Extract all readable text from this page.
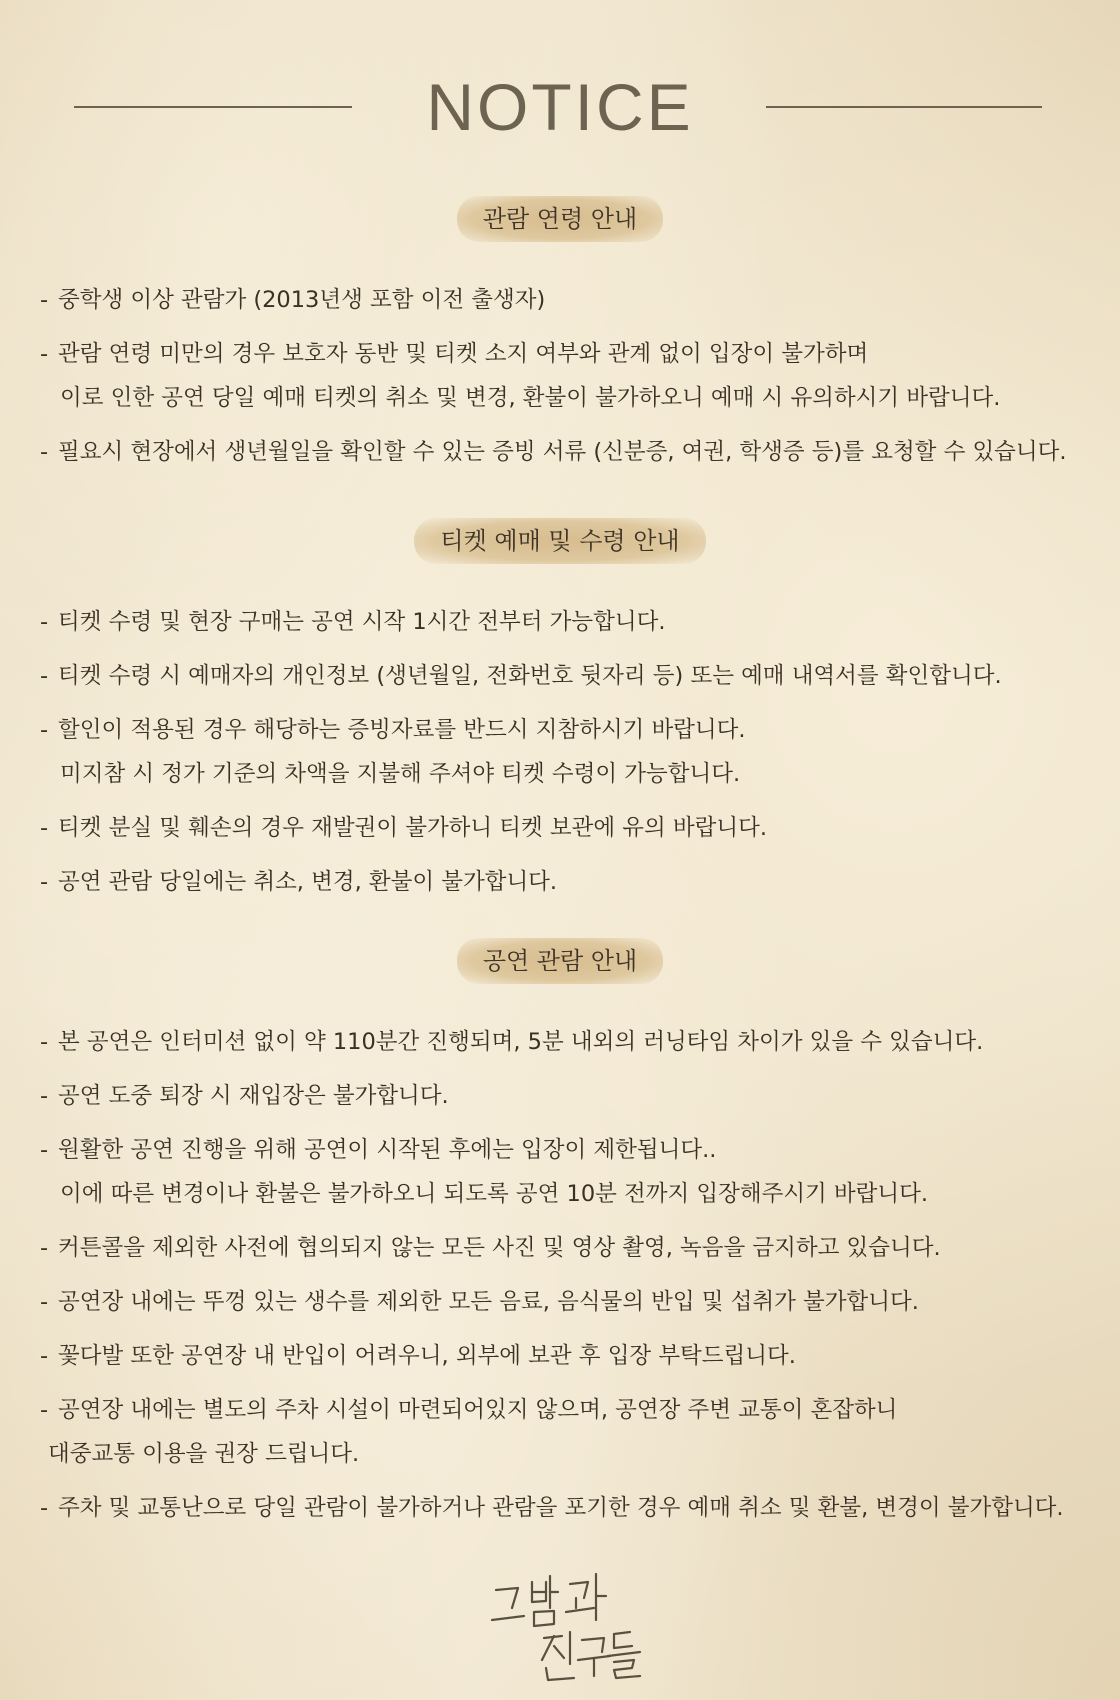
NOTICE
관람 연령 안내
- 중학생 이상 관람가 (2013년생 포함 이전 출생자)
- 관람 연령 미만의 경우 보호자 동반 및 티켓 소지 여부와 관계 없이 입장이 불가하며
이로 인한 공연 당일 예매 티켓의 취소 및 변경, 환불이 불가하오니 예매 시 유의하시기 바랍니다.
- 필요시 현장에서 생년월일을 확인할 수 있는 증빙 서류 (신분증, 여권, 학생증 등)를 요청할 수 있습니다.
티켓 예매 및 수령 안내
- 티켓 수령 및 현장 구매는 공연 시작 1시간 전부터 가능합니다.
- 티켓 수령 시 예매자의 개인정보 (생년월일, 전화번호 뒷자리 등) 또는 예매 내역서를 확인합니다.
- 할인이 적용된 경우 해당하는 증빙자료를 반드시 지참하시기 바랍니다.
미지참 시 정가 기준의 차액을 지불해 주셔야 티켓 수령이 가능합니다.
- 티켓 분실 및 훼손의 경우 재발권이 불가하니 티켓 보관에 유의 바랍니다.
- 공연 관람 당일에는 취소, 변경, 환불이 불가합니다.
공연 관람 안내
- 본 공연은 인터미션 없이 약 110분간 진행되며, 5분 내외의 러닝타임 차이가 있을 수 있습니다.
- 공연 도중 퇴장 시 재입장은 불가합니다.
- 원활한 공연 진행을 위해 공연이 시작된 후에는 입장이 제한됩니다..
이에 따른 변경이나 환불은 불가하오니 되도록 공연 10분 전까지 입장해주시기 바랍니다.
- 커튼콜을 제외한 사전에 협의되지 않는 모든 사진 및 영상 촬영, 녹음을 금지하고 있습니다.
- 공연장 내에는 뚜껑 있는 생수를 제외한 모든 음료, 음식물의 반입 및 섭취가 불가합니다.
- 꽃다발 또한 공연장 내 반입이 어려우니, 외부에 보관 후 입장 부탁드립니다.
- 공연장 내에는 별도의 주차 시설이 마련되어있지 않으며, 공연장 주변 교통이 혼잡하니
대중교통 이용을 권장 드립니다.
- 주차 및 교통난으로 당일 관람이 불가하거나 관람을 포기한 경우 예매 취소 및 환불, 변경이 불가합니다.
